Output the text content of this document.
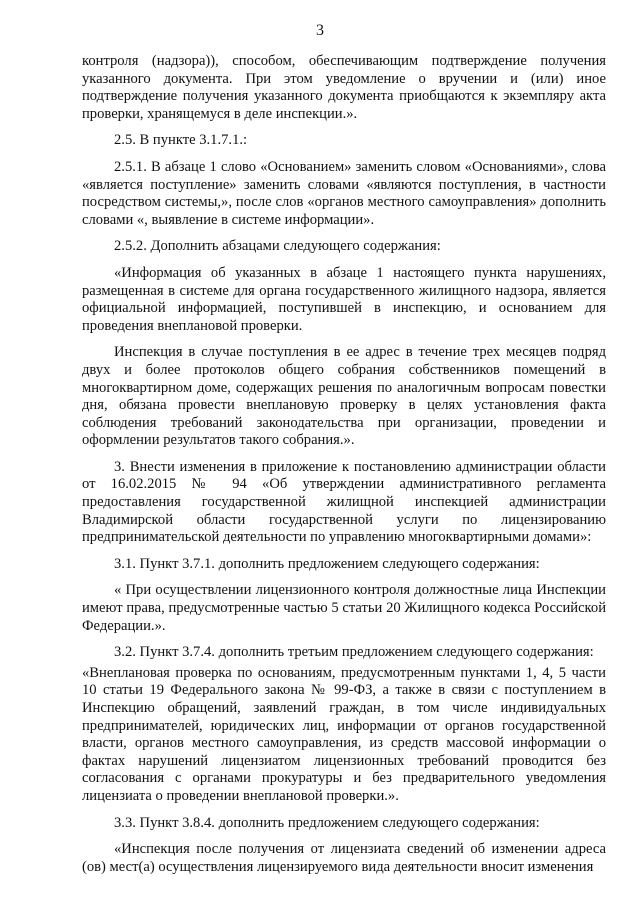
3

контроля (надзора)), способом, обеспечивающим подтверждение получения указанного документа. При этом уведомление о вручении и (или) иное подтверждение получения указанного документа приобщаются к экземпляру акта проверки, хранящемуся в деле инспекции.».

2.5. В пункте 3.1.7.1.:

2.5.1. В абзаце 1 слово «Основанием» заменить словом «Основаниями», слова «является поступление» заменить словами «являются поступления, в частности посредством системы,», после слов «органов местного самоуправления» дополнить словами «, выявление в системе информации».

2.5.2. Дополнить абзацами следующего содержания:

«Информация об указанных в абзаце 1 настоящего пункта нарушениях, размещенная в системе для органа государственного жилищного надзора, является официальной информацией, поступившей в инспекцию, и основанием для проведения внеплановой проверки.

Инспекция в случае поступления в ее адрес в течение трех месяцев подряд двух и более протоколов общего собрания собственников помещений в многоквартирном доме, содержащих решения по аналогичным вопросам повестки дня, обязана провести внеплановую проверку в целях установления факта соблюдения требований законодательства при организации, проведении и оформлении результатов такого собрания.».

3. Внести изменения в приложение к постановлению администрации области от 16.02.2015 № 94 «Об утверждении административного регламента предоставления государственной жилищной инспекцией администрации Владимирской области государственной услуги по лицензированию предпринимательской деятельности по управлению многоквартирными домами»:

3.1. Пункт 3.7.1. дополнить предложением следующего содержания:

« При осуществлении лицензионного контроля должностные лица Инспекции имеют права, предусмотренные частью 5 статьи 20 Жилищного кодекса Российской Федерации.».

3.2. Пункт 3.7.4. дополнить третьим предложением следующего содержания:

«Внеплановая проверка по основаниям, предусмотренным пунктами 1, 4, 5 части 10 статьи 19 Федерального закона № 99-ФЗ, а также в связи с поступлением в Инспекцию обращений, заявлений граждан, в том числе индивидуальных предпринимателей, юридических лиц, информации от органов государственной власти, органов местного самоуправления, из средств массовой информации о фактах нарушений лицензиатом лицензионных требований проводится без согласования с органами прокуратуры и без предварительного уведомления лицензиата о проведении внеплановой проверки.».

3.3. Пункт 3.8.4. дополнить предложением следующего содержания:

«Инспекция после получения от лицензиата сведений об изменении адреса (ов) мест(а) осуществления лицензируемого вида деятельности вносит изменения
